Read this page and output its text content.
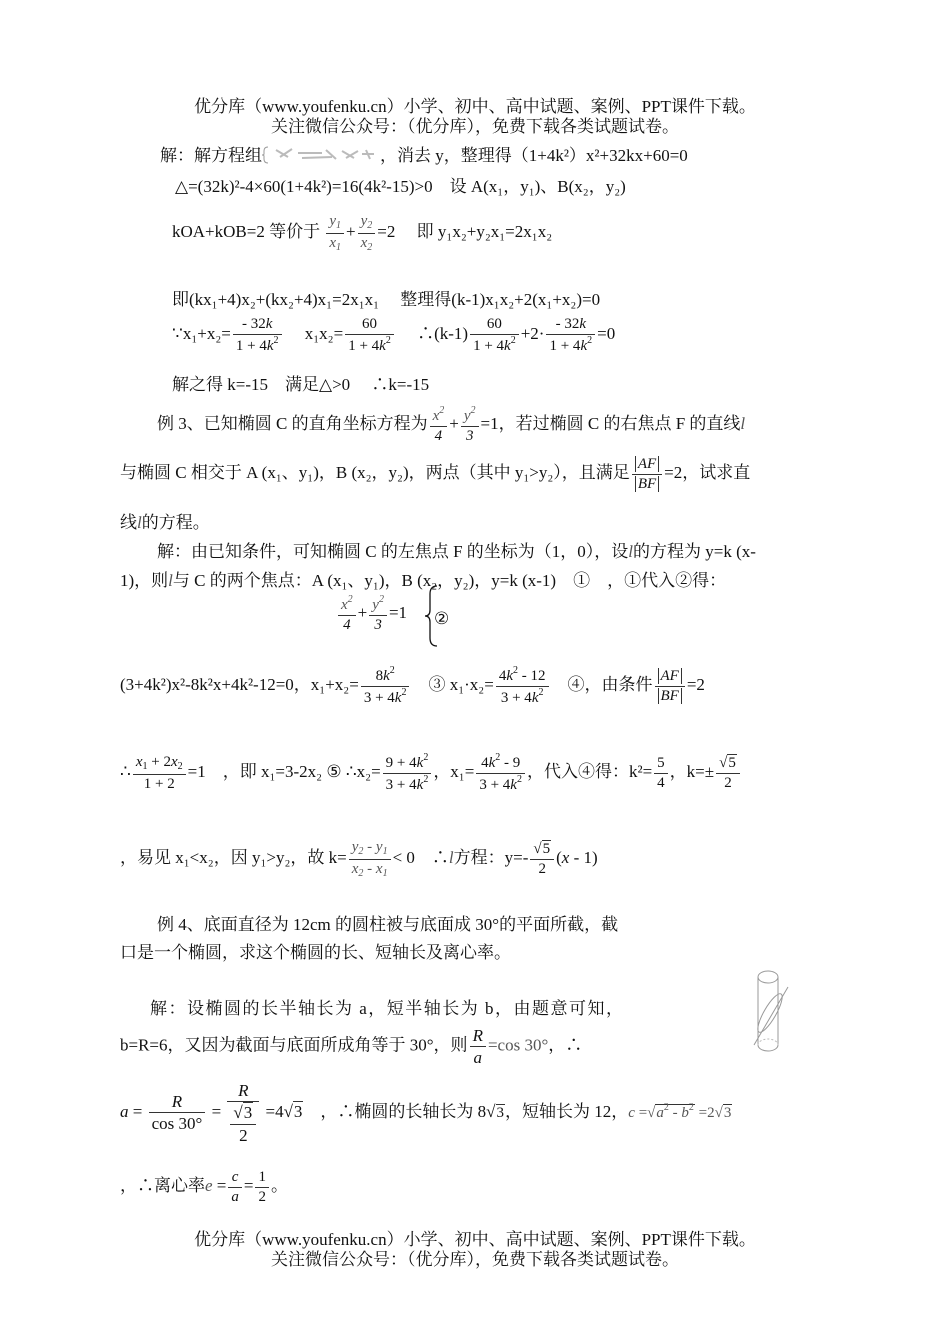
优分库（www.youfenku.cn）小学、初中、高中试题、案例、PPT课件下载。
关注微信公众号：（优分库），免费下载各类试题试卷。
解：解方程组	，消去 y，整理得（1+4k²）x²+32kx+60=0
△=(32k)²-4×60(1+4k²)=16(4k²-15)>0　设 A(x₁，y₁)、B(x₂，y₂)
kOA+kOB=2 等价于 $\frac{y_1}{x_1} + \frac{y_2}{x_2} =2$　 即 y₁x₂+y₂x₁=2x₁x₂
即(kx₁+4)x₂+(kx₂+4)x₁=2x₁x₁　 整理得(k-1)x₁x₂+2(x₁+x₂)=0
∵x₁+x₂= $\frac{- 32k}{1 + 4k^2}$
　 $x_1x_2= \frac{60}{1 + 4k^2}$
　 ∴(k-1) $\frac{60}{1 + 4k^2} +2\cdot \frac{- 32k}{1 + 4k^2} =0$
解之得 k=-15　满足△>0　 ∴k=-15
例 3、已知椭圆 C 的直角坐标方程为 $\frac{x^2}{4} + \frac{y^2}{3} =1$，若过椭圆 C 的右焦点 F 的直线l
与椭圆 C 相交于 A (x₁、y₁)，B (x₂，y₂)，两点（其中 y₁>y₂），且满足 $\frac{AF}{BF} =2$，试求直
线l的方程。
解：由已知条件，可知椭圆 C 的左焦点 F 的坐标为（1，0），设l的方程为 y=k (x-
1)，则l与 C 的两个焦点：A (x₁、y₁)，B (x₂，y₂)，y=k (x-1)　①　，①代入②得：
$\frac{x^2}{4} + \frac{y^2}{3} =1$ ②
(3+4k²)x²-8k²x+4k²-12=0，$x_1+x_2= \frac{8k^2}{3 + 4k^2}$
　 ③ $x_1\cdot x_2= \frac{4k^2 - 12}{3 + 4k^2}$
　 ④，由条件 $\frac{AF}{BF} =2$
∴ $\frac{x_1 + 2x_2}{1 + 2} =1$　，即 x₁=3-2x₂ ⑤ ∴x₂= $\frac{9 + 4k^2}{3 + 4k^2}$ ，$x_1= \frac{4k^2 - 9}{3 + 4k^2}$ ，代入④得：$k^2= \frac{5}{4}$ ，$k=\pm \frac{√5}{2}$
，易见 x₁<x₂，因 y₁>y₂，故 $k= \frac{y_2 - y_1}{x_2 - x_1} < 0$　∴l方程：$y=- \frac{√5}{2} (x - 1)$
例 4、底面直径为 12cm 的圆柱被与底面成 30°的平面所截，截
口是一个椭圆，求这个椭圆的长、短轴长及离心率。
解：设椭圆的长半轴长为 a，短半轴长为 b，由题意可知，
b=R=6，又因为截面与底面所成角等于 30°，则 $\frac{R}{a} =\cos$ 30°，∴
$a = \frac{R}{\cos 30^\circ} = \frac{R}{\frac{√3}{2}} =4√3$　 ，∴椭圆的长轴长为 8√3，短轴长为 12，$c =√a^2 - b^2 =2√3$
，∴离心率$e = \frac{c}{a} = \frac{1}{2}$ 。
优分库（www.youfenku.cn）小学、初中、高中试题、案例、PPT课件下载。
关注微信公众号：（优分库），免费下载各类试题试卷。
